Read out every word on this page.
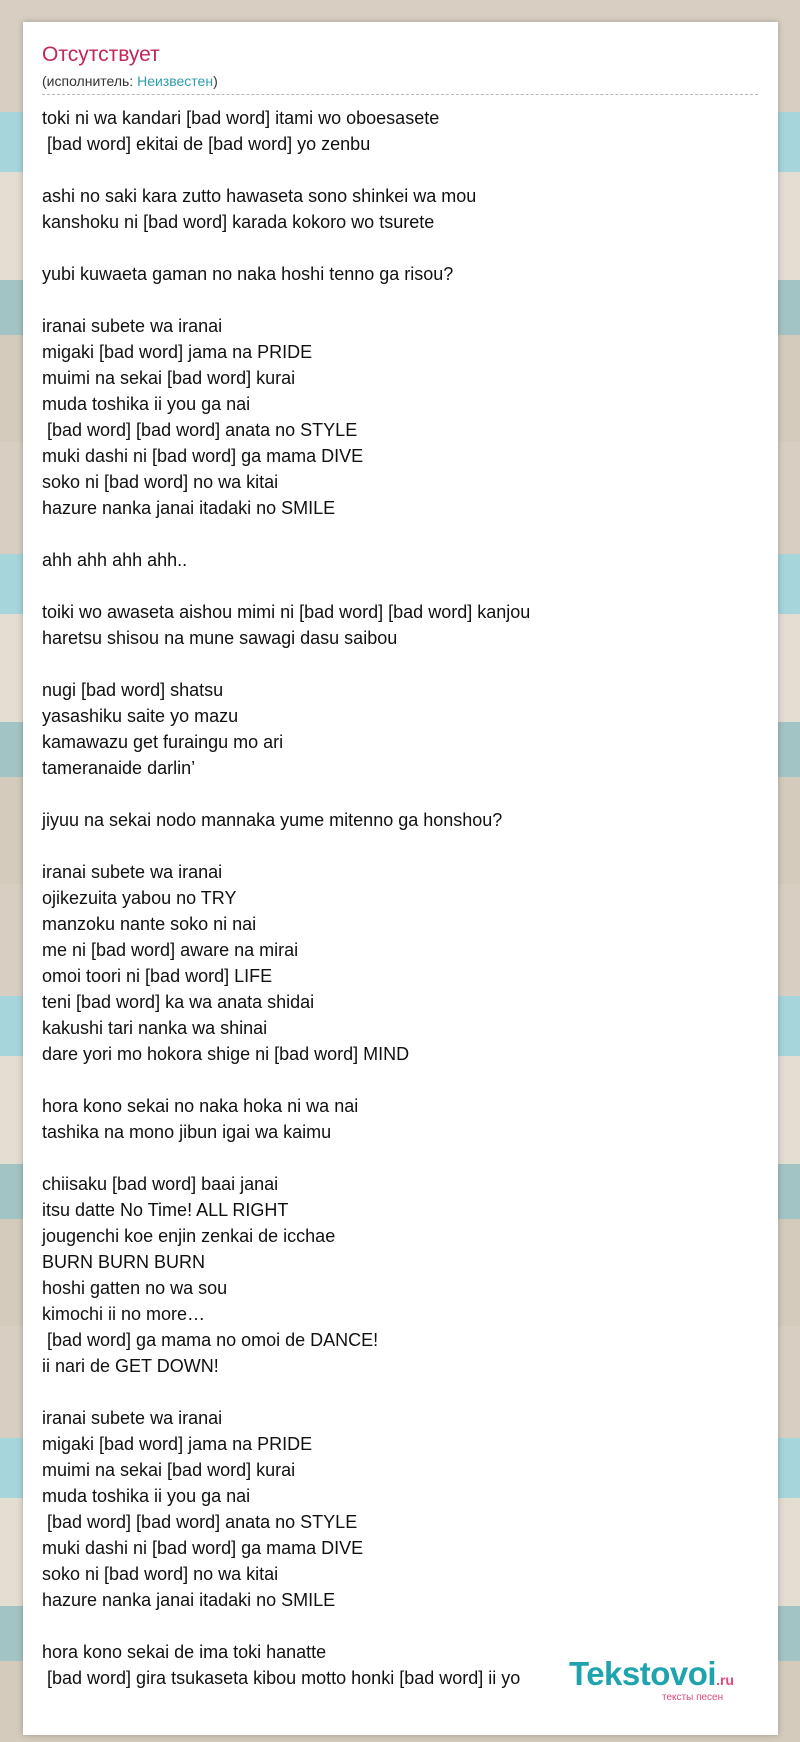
Отсутствует
(исполнитель: Неизвестен)
toki ni wa kandari [bad word] itami wo oboesasete
[bad word] ekitai de [bad word] yo zenbu

ashi no saki kara zutto hawaseta sono shinkei wa mou
kanshoku ni [bad word] karada kokoro wo tsurete

yubi kuwaeta gaman no naka hoshi tenno ga risou?

iranai subete wa iranai
migaki [bad word] jama na PRIDE
muimi na sekai [bad word] kurai
muda toshika ii you ga nai
[bad word] [bad word] anata no STYLE
muki dashi ni [bad word] ga mama DIVE
soko ni [bad word] no wa kitai
hazure nanka janai itadaki no SMILE

ahh ahh ahh ahh..

toiki wo awaseta aishou mimi ni [bad word] [bad word] kanjou
haretsu shisou na mune sawagi dasu saibou

nugi [bad word] shatsu
yasashiku saite yo mazu
kamawazu get furaingu mo ari
tameranaide darlin’

jiyuu na sekai nodo mannaka yume mitenno ga honshou?

iranai subete wa iranai
ojikezuita yabou no TRY
manzoku nante soko ni nai
me ni [bad word] aware na mirai
omoi toori ni [bad word] LIFE
teni [bad word] ka wa anata shidai
kakushi tari nanka wa shinai
dare yori mo hokora shige ni [bad word] MIND

hora kono sekai no naka hoka ni wa nai
tashika na mono jibun igai wa kaimu

chiisaku [bad word] baai janai
itsu datte No Time! ALL RIGHT
jougenchi koe enjin zenkai de icchae
BURN BURN BURN
hoshi gatten no wa sou
kimochi ii no more…
[bad word] ga mama no omoi de DANCE!
ii nari de GET DOWN!

iranai subete wa iranai
migaki [bad word] jama na PRIDE
muimi na sekai [bad word] kurai
muda toshika ii you ga nai
[bad word] [bad word] anata no STYLE
muki dashi ni [bad word] ga mama DIVE
soko ni [bad word] no wa kitai
hazure nanka janai itadaki no SMILE

hora kono sekai de ima toki hanatte
[bad word] gira tsukaseta kibou motto honki [bad word] ii yo	Tekstovoi.ru
тексты песен
